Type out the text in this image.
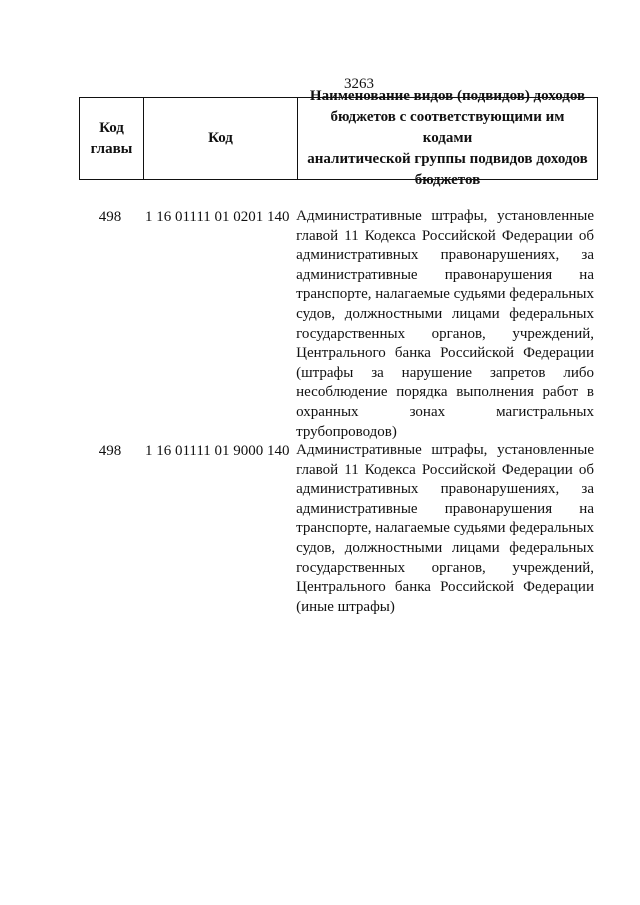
3263
Код
главы
Код
Наименование видов (подвидов) доходов
бюджетов с соответствующими им кодами
аналитической группы подвидов доходов
бюджетов
498	1 16 01111 01 0201 140 Административные штрафы, установленные
главой 11 Кодекса Российской Федерации об
административных правонарушениях, за
административные правонарушения на
транспорте, налагаемые судьями федеральных
судов, должностными лицами федеральных
государственных органов, учреждений,
Центрального банка Российской Федерации
(штрафы за нарушение запретов либо
несоблюдение порядка выполнения работ в
охранных зонах магистральных
трубопроводов)
498	1 16 01111 01 9000 140 Административные штрафы, установленные
главой 11 Кодекса Российской Федерации об
административных правонарушениях, за
административные правонарушения на
транспорте, налагаемые судьями федеральных
судов, должностными лицами федеральных
государственных органов, учреждений,
Центрального банка Российской Федерации
(иные штрафы)
